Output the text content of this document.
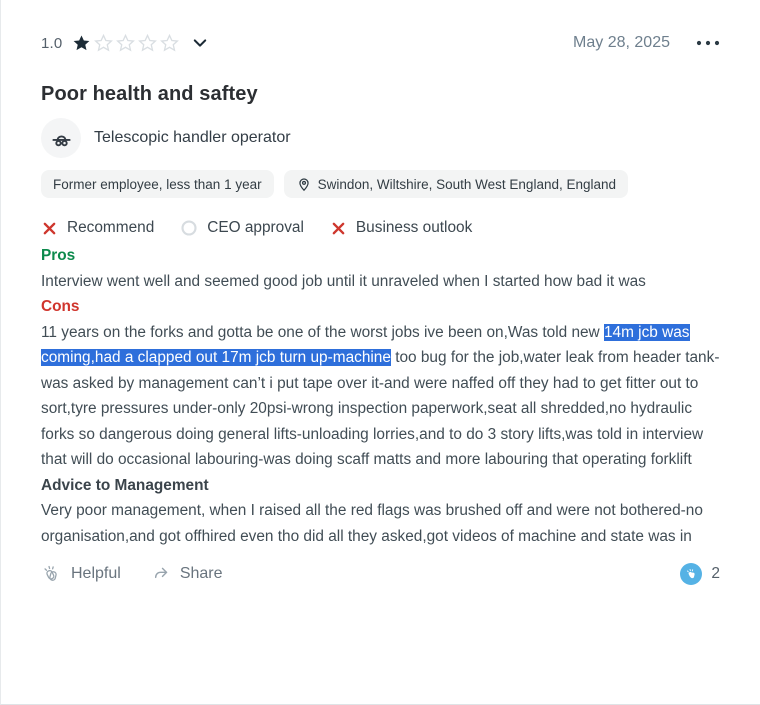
1.0	May 28, 2025
Poor health and saftey
Telescopic handler operator
Former employee, less than 1 year	Swindon, Wiltshire, South West England, England
Recommend	CEO approval	Business outlook
Pros

Interview went well and seemed good job until it unraveled when I started how bad it was

Cons

11 years on the forks and gotta be one of the worst jobs ive been on,Was told new 14m jcb was coming,had a clapped out 17m jcb turn up-machine too bug for the job,water leak from header tank-was asked by management can’t i put tape over it-and were naffed off they had to get fitter out to sort,tyre pressures under-only 20psi-wrong inspection paperwork,seat all shredded,no hydraulic forks so dangerous doing general lifts-unloading lorries,and to do 3 story lifts,was told in interview that will do occasional labouring-was doing scaff matts and more labouring that operating forklift

Advice to Management

Very poor management, when I raised all the red flags was brushed off and were not bothered-no organisation,and got offhired even tho did all they asked,got videos of machine and state was in

Helpful	Share	2
